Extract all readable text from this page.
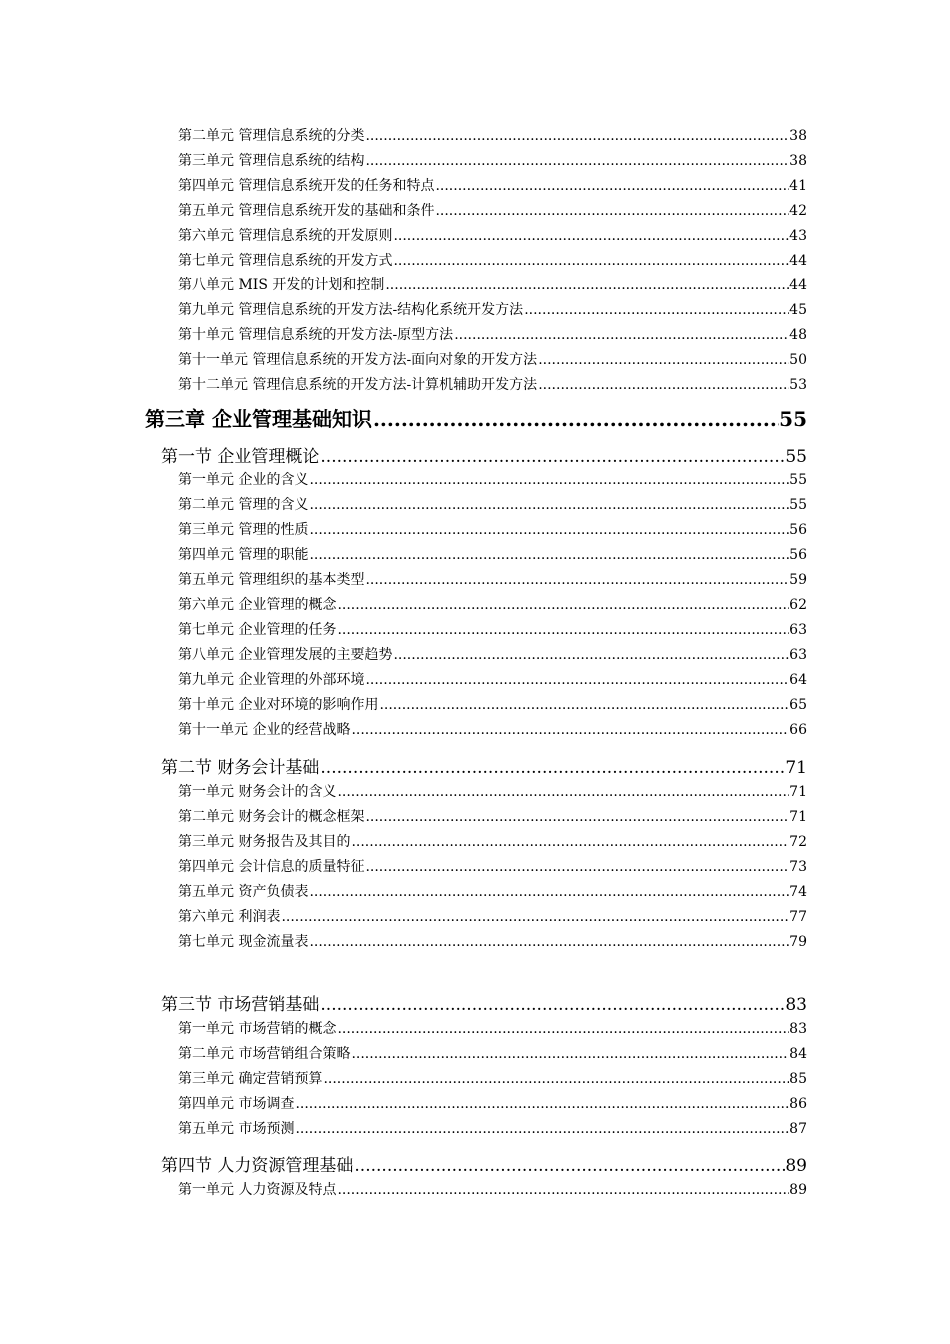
第二单元 管理信息系统的分类 .....	38
第三单元 管理信息系统的结构 .....	38
第四单元 管理信息系统开发的任务和特点 .....	41
第五单元 管理信息系统开发的基础和条件 .....	42
第六单元 管理信息系统的开发原则 .....	43
第七单元 管理信息系统的开发方式 .....	44
第八单元 MIS 开发的计划和控制 .....	44
第九单元 管理信息系统的开发方法-结构化系统开发方法 .....	45
第十单元 管理信息系统的开发方法-原型方法 .....	48
第十一单元 管理信息系统的开发方法-面向对象的开发方法 .....	50
第十二单元 管理信息系统的开发方法-计算机辅助开发方法 .....	53
第三章 企业管理基础知识 .....	55
第一节 企业管理概论 .....	55
第一单元 企业的含义 .....	55
第二单元 管理的含义 .....	55
第三单元 管理的性质 .....	56
第四单元 管理的职能 .....	56
第五单元 管理组织的基本类型 .....	59
第六单元 企业管理的概念 .....	62
第七单元 企业管理的任务 .....	63
第八单元 企业管理发展的主要趋势 .....	63
第九单元 企业管理的外部环境 .....	64
第十单元 企业对环境的影响作用 .....	65
第十一单元 企业的经营战略 .....	66
第二节 财务会计基础 .....	71
第一单元 财务会计的含义 .....	71
第二单元 财务会计的概念框架 .....	71
第三单元 财务报告及其目的 .....	72
第四单元 会计信息的质量特征 .....	73
第五单元 资产负债表 .....	74
第六单元 利润表 .....	77
第七单元 现金流量表 .....	79
第三节 市场营销基础 .....	83
第一单元 市场营销的概念 .....	83
第二单元 市场营销组合策略 .....	84
第三单元 确定营销预算 .....	85
第四单元 市场调查 .....	86
第五单元 市场预测 .....	87
第四节 人力资源管理基础 .....	89
第一单元 人力资源及特点 .....	89
